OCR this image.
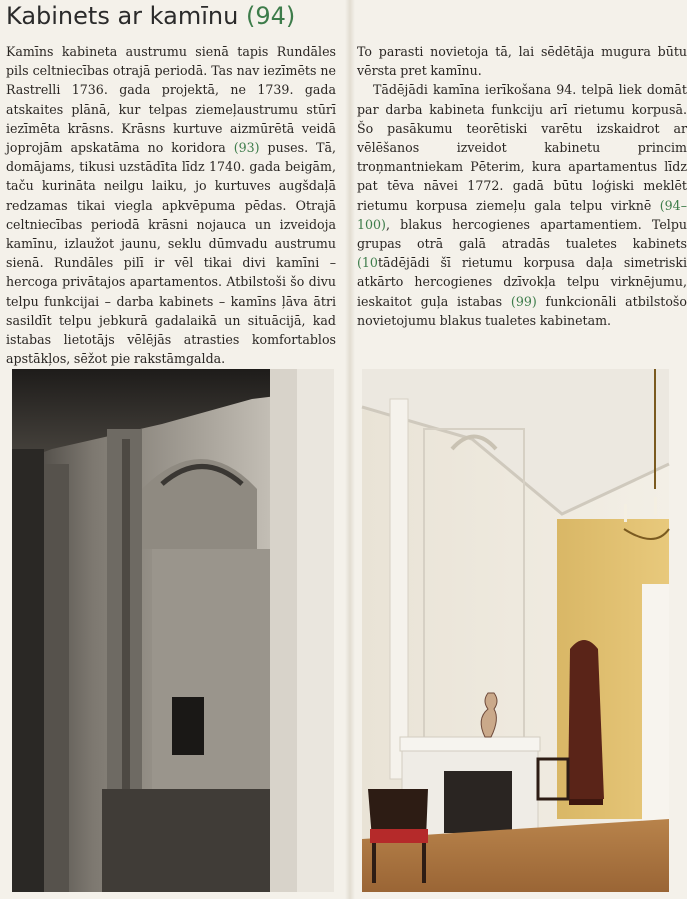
Kabinets ar kamīnu (94)

Kamīns kabineta austrumu sienā tapis Rundāles pils celtniecības otrajā periodā. Tas nav iezīmēts ne Rastrelli 1736. gada projektā, ne 1739. gada atskaites plānā, kur telpas ziemeļaustrumu stūrī iezīmēta krāsns. Krāsns kurtuve aizmūrētā veidā joprojām apskatāma no koridora (93) puses. Tā, domājams, tikusi uzstādīta līdz 1740. gada beigām, taču kurināta neilgu laiku, jo kurtuves augšdaļā redzamas tikai viegla apkvēpuma pēdas. Otrajā celtniecības periodā krāsni nojauca un izveidoja kamīnu, izlaužot jaunu, seklu dūmvadu austrumu sienā. Rundāles pilī ir vēl tikai divi kamīni – hercoga privātajos apartamentos. Atbilstoši šo divu telpu funkcijai – darba kabinets – kamīns ļāva ātri sasildīt telpu jebkurā gadalaikā un situācijā, kad istabas lietotājs vēlējās atrasties komfortablos apstākļos, sēžot pie rakstāmgalda.

To parasti novietoja tā, lai sēdētāja mugura būtu vērsta pret kamīnu.

Tādējādi kamīna ierīkošana 94. telpā liek domāt par darba kabineta funkciju arī rietumu korpusā. Šo pasākumu teorētiski varētu izskaidrot ar vēlēšanos izveidot kabinetu princim troņmantniekam Pēterim, kura apartamentus līdz pat tēva nāvei 1772. gadā būtu loģiski meklēt rietumu korpusa ziemeļu gala telpu virknē (94–100), blakus hercogienes apartamentiem. Telpu grupas otrā galā atradās tualetes kabinets (10tādējādi šī rietumu korpusa daļa simetriski atkārto hercogienes dzīvokļa telpu virknējumu, ieskaitot guļa istabas (99) funkcionāli atbilstošo novietojumu blakus tualetes kabinetam.
